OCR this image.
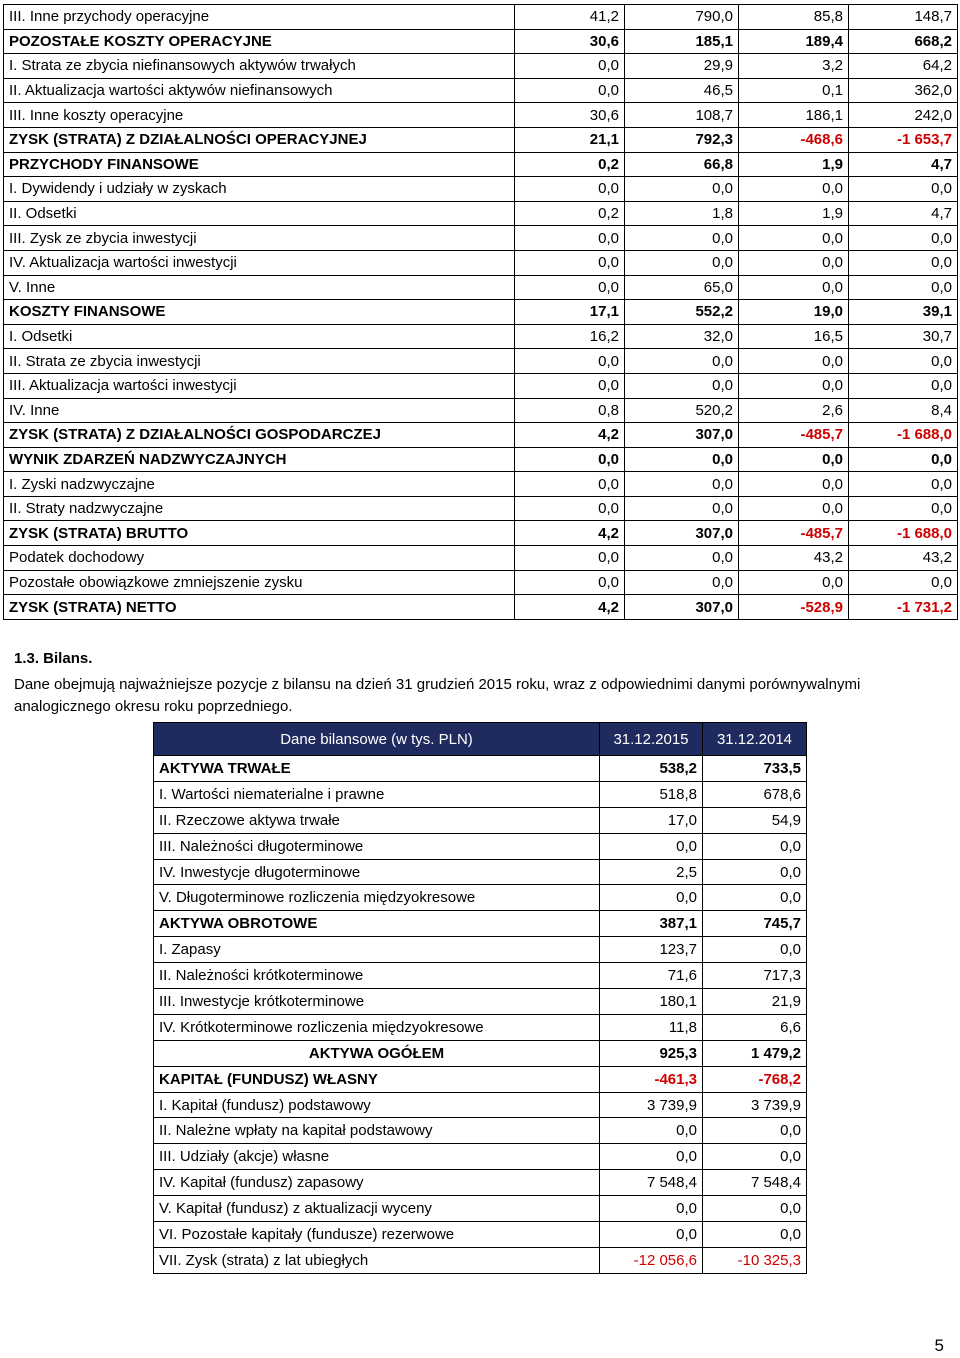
III. Inne przychody operacyjne	41,2	790,0	85,8	148,7
POZOSTAŁE KOSZTY OPERACYJNE	30,6	185,1	189,4	668,2
I. Strata ze zbycia niefinansowych aktywów trwałych	0,0	29,9	3,2	64,2
II. Aktualizacja wartości aktywów niefinansowych	0,0	46,5	0,1	362,0
III. Inne koszty operacyjne	30,6	108,7	186,1	242,0
ZYSK (STRATA) Z DZIAŁALNOŚCI OPERACYJNEJ	21,1	792,3	-468,6	-1 653,7
PRZYCHODY FINANSOWE	0,2	66,8	1,9	4,7
I. Dywidendy i udziały w zyskach	0,0	0,0	0,0	0,0
II. Odsetki	0,2	1,8	1,9	4,7
III. Zysk ze zbycia inwestycji	0,0	0,0	0,0	0,0
IV. Aktualizacja wartości inwestycji	0,0	0,0	0,0	0,0
V. Inne	0,0	65,0	0,0	0,0
KOSZTY FINANSOWE	17,1	552,2	19,0	39,1
I. Odsetki	16,2	32,0	16,5	30,7
II. Strata ze zbycia inwestycji	0,0	0,0	0,0	0,0
III. Aktualizacja wartości inwestycji	0,0	0,0	0,0	0,0
IV. Inne	0,8	520,2	2,6	8,4
ZYSK (STRATA) Z DZIAŁALNOŚCI GOSPODARCZEJ	4,2	307,0	-485,7	-1 688,0
WYNIK ZDARZEŃ NADZWYCZAJNYCH	0,0	0,0	0,0	0,0
I. Zyski nadzwyczajne	0,0	0,0	0,0	0,0
II. Straty nadzwyczajne	0,0	0,0	0,0	0,0
ZYSK (STRATA) BRUTTO	4,2	307,0	-485,7	-1 688,0
Podatek dochodowy	0,0	0,0	43,2	43,2
Pozostałe obowiązkowe zmniejszenie zysku	0,0	0,0	0,0	0,0
ZYSK (STRATA) NETTO	4,2	307,0	-528,9	-1 731,2
1.3. Bilans.
Dane obejmują najważniejsze pozycje z bilansu na dzień 31 grudzień 2015 roku, wraz z odpowiednimi danymi porównywalnymi analogicznego okresu roku poprzedniego.
Dane bilansowe (w tys. PLN)	31.12.2015	31.12.2014
AKTYWA TRWAŁE	538,2	733,5
I. Wartości niematerialne i prawne	518,8	678,6
II. Rzeczowe aktywa trwałe	17,0	54,9
III. Należności długoterminowe	0,0	0,0
IV. Inwestycje długoterminowe	2,5	0,0
V. Długoterminowe rozliczenia międzyokresowe	0,0	0,0
AKTYWA OBROTOWE	387,1	745,7
I. Zapasy	123,7	0,0
II. Należności krótkoterminowe	71,6	717,3
III. Inwestycje krótkoterminowe	180,1	21,9
IV. Krótkoterminowe rozliczenia międzyokresowe	11,8	6,6
AKTYWA OGÓŁEM	925,3	1 479,2
KAPITAŁ (FUNDUSZ) WŁASNY	-461,3	-768,2
I. Kapitał (fundusz) podstawowy	3 739,9	3 739,9
II. Należne wpłaty na kapitał podstawowy	0,0	0,0
III. Udziały (akcje) własne	0,0	0,0
IV. Kapitał (fundusz) zapasowy	7 548,4	7 548,4
V. Kapitał (fundusz) z aktualizacji wyceny	0,0	0,0
VI. Pozostałe kapitały (fundusze) rezerwowe	0,0	0,0
VII. Zysk (strata) z lat ubiegłych	-12 056,6	-10 325,3
5
